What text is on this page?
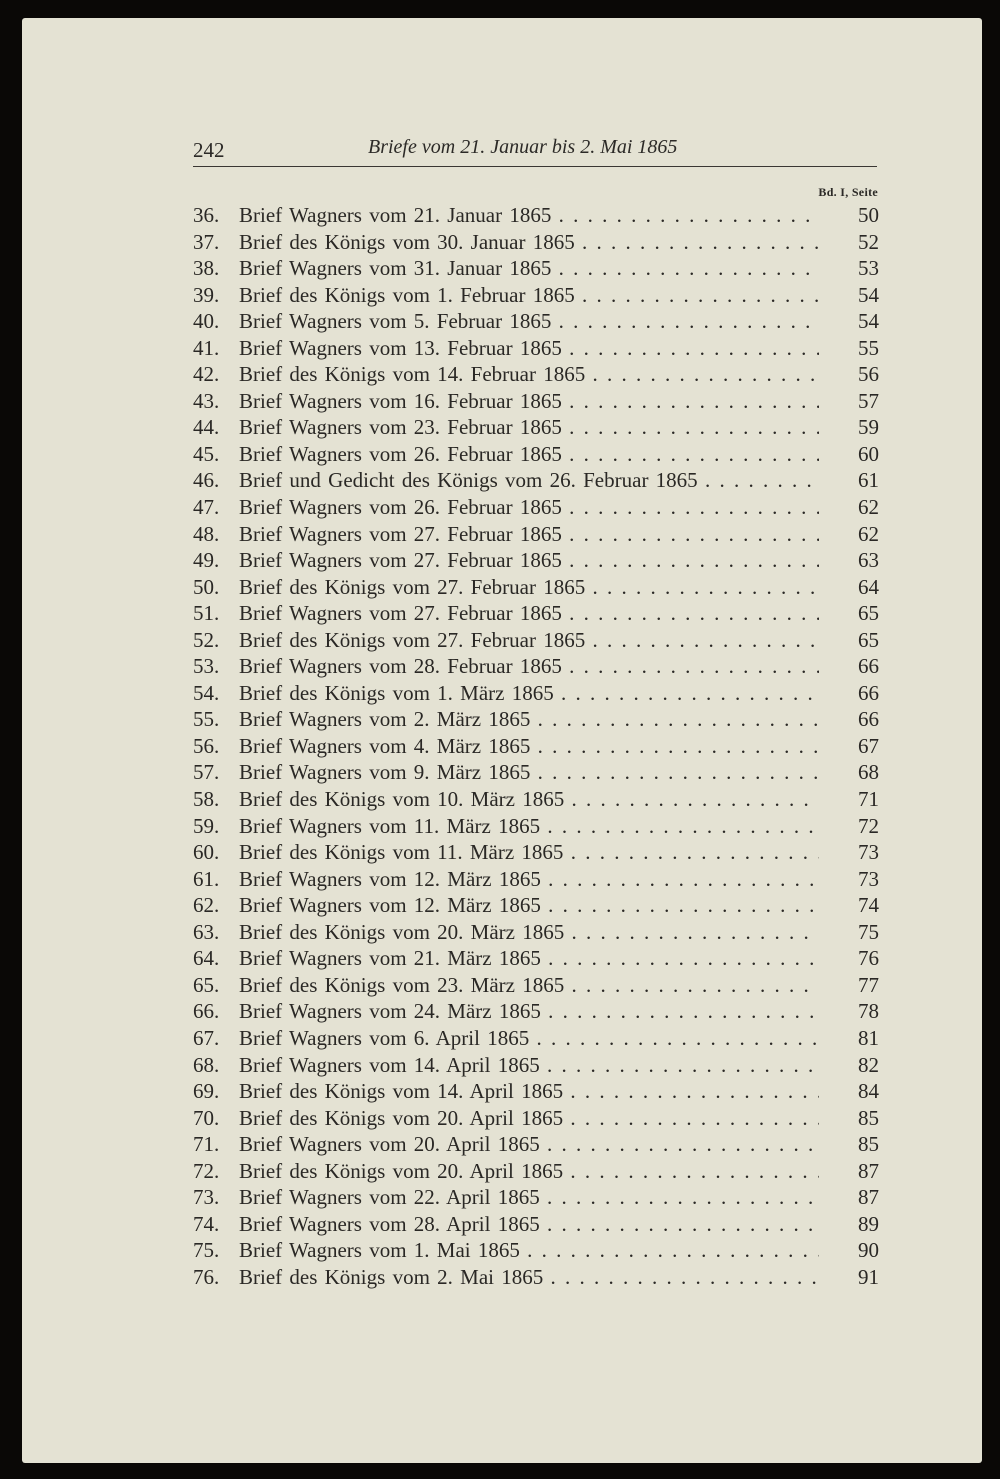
242	Briefe vom 21. Januar bis 2. Mai 1865
Bd. I, Seite
36. Brief Wagners vom 21. Januar 1865 . . .	50
37. Brief des Königs vom 30. Januar 1865 . . .	52
38. Brief Wagners vom 31. Januar 1865 . . .	53
39. Brief des Königs vom 1. Februar 1865 . . .	54
40. Brief Wagners vom 5. Februar 1865 . . .	54
41. Brief Wagners vom 13. Februar 1865 . . .	55
42. Brief des Königs vom 14. Februar 1865 . . .	56
43. Brief Wagners vom 16. Februar 1865 . . .	57
44. Brief Wagners vom 23. Februar 1865 . . .	59
45. Brief Wagners vom 26. Februar 1865 . . .	60
46. Brief und Gedicht des Königs vom 26. Februar 1865 . . .	61
47. Brief Wagners vom 26. Februar 1865 . . .	62
48. Brief Wagners vom 27. Februar 1865 . . .	62
49. Brief Wagners vom 27. Februar 1865 . . .	63
50. Brief des Königs vom 27. Februar 1865 . . .	64
51. Brief Wagners vom 27. Februar 1865 . . .	65
52. Brief des Königs vom 27. Februar 1865 . . .	65
53. Brief Wagners vom 28. Februar 1865 . . .	66
54. Brief des Königs vom 1. März 1865 . . .	66
55. Brief Wagners vom 2. März 1865 . . .	66
56. Brief Wagners vom 4. März 1865 . . .	67
57. Brief Wagners vom 9. März 1865 . . .	68
58. Brief des Königs vom 10. März 1865 . . .	71
59. Brief Wagners vom 11. März 1865 . . .	72
60. Brief des Königs vom 11. März 1865 . . .	73
61. Brief Wagners vom 12. März 1865 . . .	73
62. Brief Wagners vom 12. März 1865 . . .	74
63. Brief des Königs vom 20. März 1865 . . .	75
64. Brief Wagners vom 21. März 1865 . . .	76
65. Brief des Königs vom 23. März 1865 . . .	77
66. Brief Wagners vom 24. März 1865 . . .	78
67. Brief Wagners vom 6. April 1865 . . .	81
68. Brief Wagners vom 14. April 1865 . . .	82
69. Brief des Königs vom 14. April 1865 . . .	84
70. Brief des Königs vom 20. April 1865 . . .	85
71. Brief Wagners vom 20. April 1865 . . .	85
72. Brief des Königs vom 20. April 1865 . . .	87
73. Brief Wagners vom 22. April 1865 . . .	87
74. Brief Wagners vom 28. April 1865 . . .	89
75. Brief Wagners vom 1. Mai 1865 . . .	90
76. Brief des Königs vom 2. Mai 1865 . . .	91
